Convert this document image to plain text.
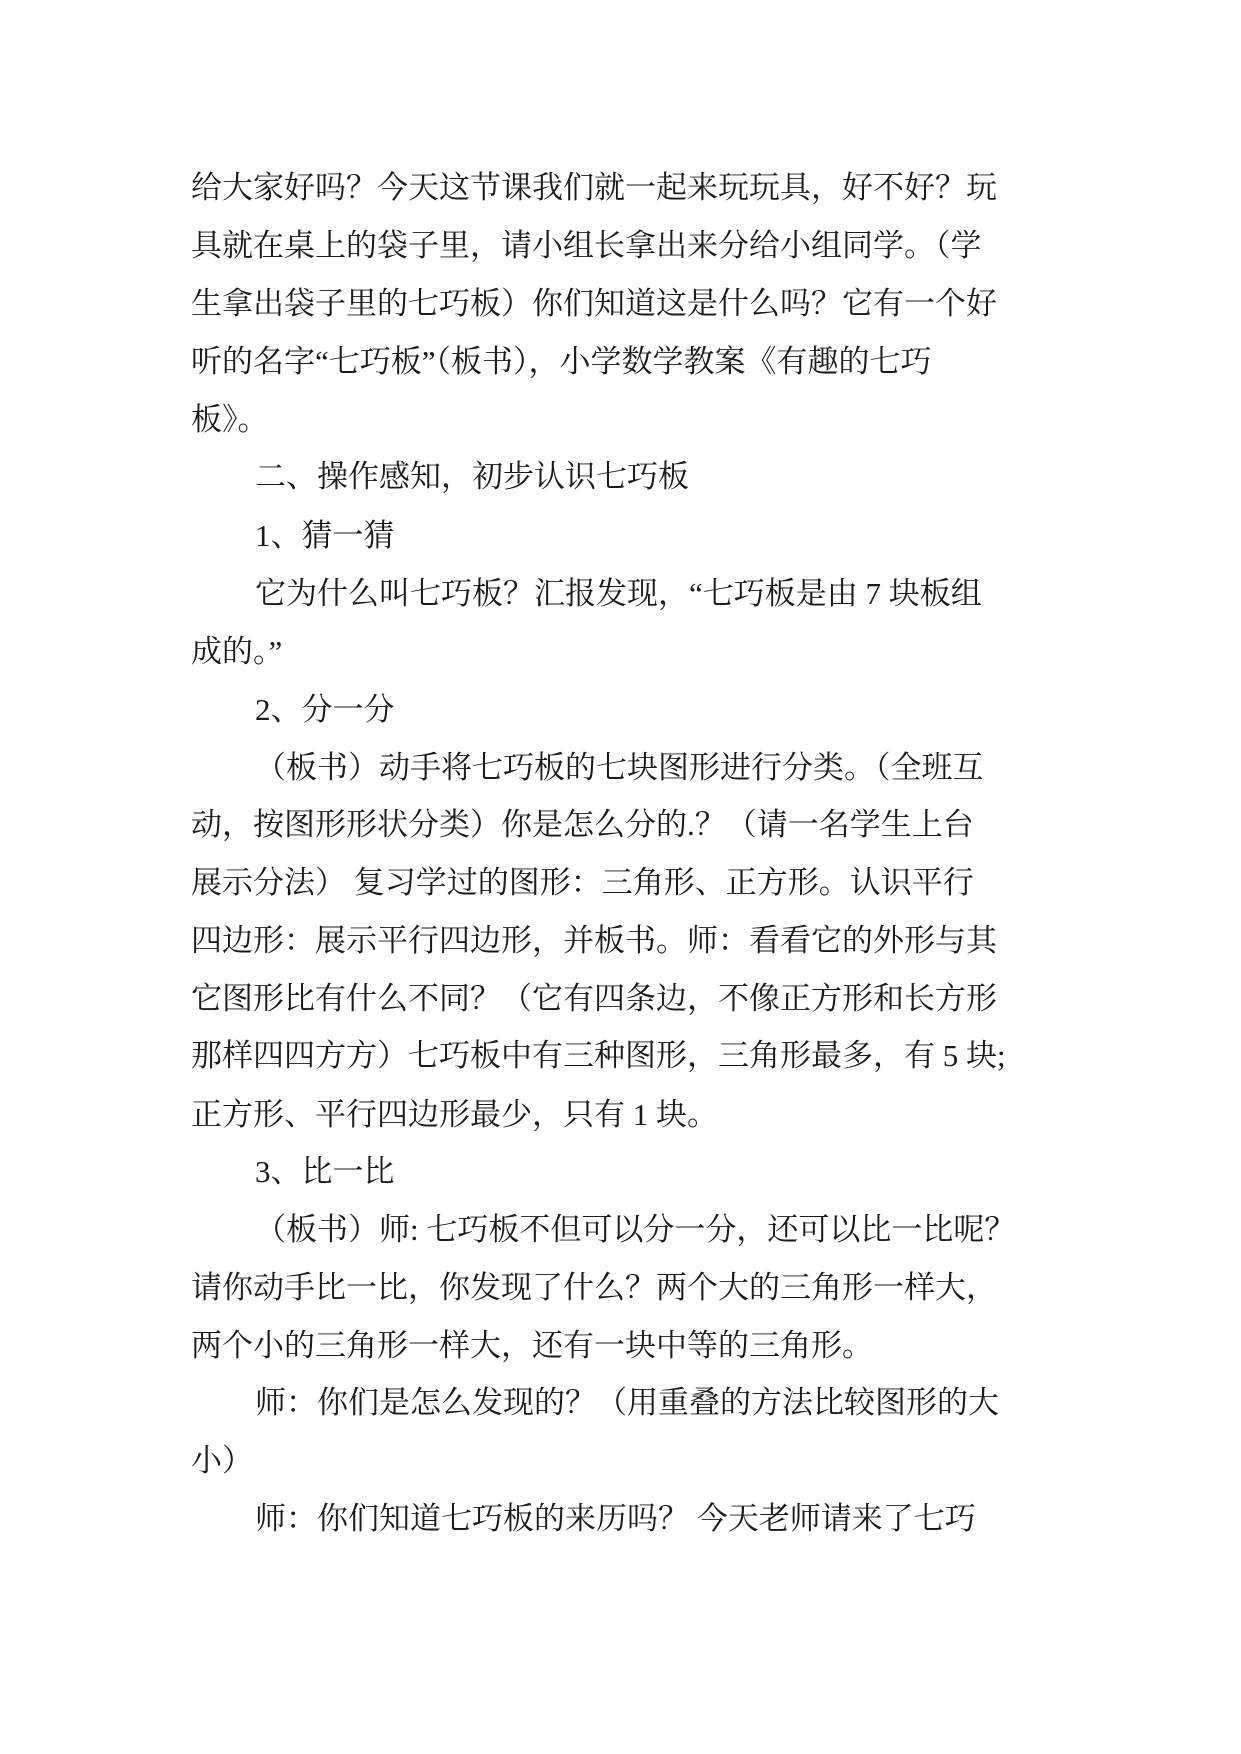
给大家好吗？今天这节课我们就一起来玩玩具，好不好？玩
具就在桌上的袋子里，请小组长拿出来分给小组同学。（学
生拿出袋子里的七巧板）你们知道这是什么吗？它有一个好
听的名字“七巧板”（板书），小学数学教案《有趣的七巧
板》。
二、操作感知，初步认识七巧板
1、猜一猜
它为什么叫七巧板？汇报发现，“七巧板是由 7 块板组
成的。”
2、分一分
（板书）动手将七巧板的七块图形进行分类。（全班互
动，按图形形状分类）你是怎么分的.？（请一名学生上台
展示分法） 复习学过的图形：三角形、正方形。认识平行
四边形：展示平行四边形，并板书。师：看看它的外形与其
它图形比有什么不同？（它有四条边，不像正方形和长方形
那样四四方方）七巧板中有三种图形，三角形最多，有 5 块;
正方形、平行四边形最少，只有 1 块。
3、比一比
（板书）师: 七巧板不但可以分一分，还可以比一比呢？
请你动手比一比，你发现了什么？两个大的三角形一样大，
两个小的三角形一样大，还有一块中等的三角形。
师：你们是怎么发现的？（用重叠的方法比较图形的大
小）
师：你们知道七巧板的来历吗？ 今天老师请来了七巧
